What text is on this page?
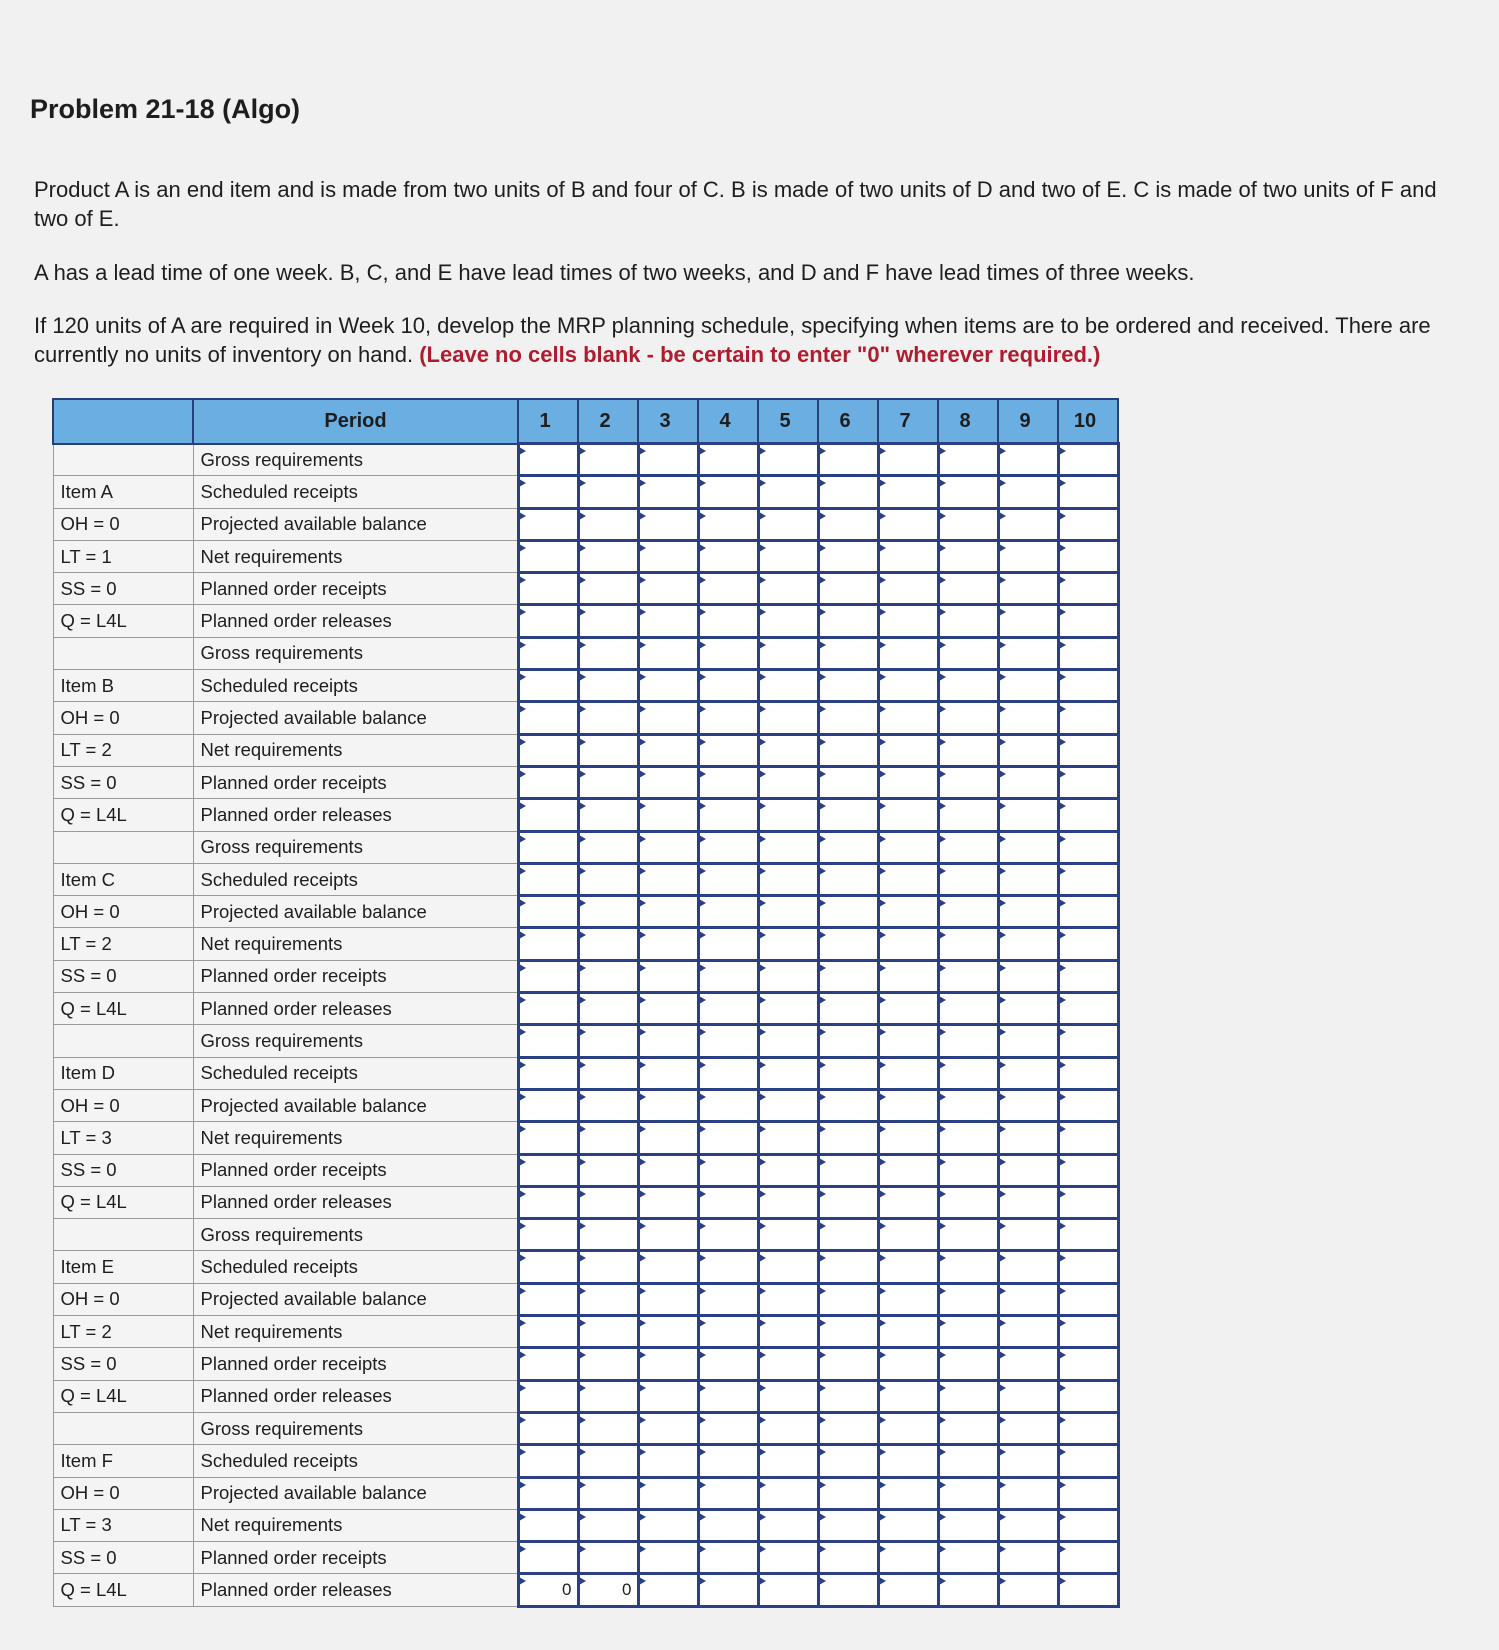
Problem 21-18 (Algo)

Product A is an end item and is made from two units of B and four of C. B is made of two units of D and two of E. C is made of two units of F and two of E.

A has a lead time of one week. B, C, and E have lead times of two weeks, and D and F have lead times of three weeks.

If 120 units of A are required in Week 10, develop the MRP planning schedule, specifying when items are to be ordered and received. There are currently no units of inventory on hand. (Leave no cells blank - be certain to enter "0" wherever required.)

	Period	1	2	3	4	5	6	7	8	9	10
	Gross requirements										
Item A	Scheduled receipts										
OH = 0	Projected available balance										
LT = 1	Net requirements										
SS = 0	Planned order receipts										
Q = L4L	Planned order releases										
	Gross requirements										
Item B	Scheduled receipts										
OH = 0	Projected available balance										
LT = 2	Net requirements										
SS = 0	Planned order receipts										
Q = L4L	Planned order releases										
	Gross requirements										
Item C	Scheduled receipts										
OH = 0	Projected available balance										
LT = 2	Net requirements										
SS = 0	Planned order receipts										
Q = L4L	Planned order releases										
	Gross requirements										
Item D	Scheduled receipts										
OH = 0	Projected available balance										
LT = 3	Net requirements										
SS = 0	Planned order receipts										
Q = L4L	Planned order releases										
	Gross requirements										
Item E	Scheduled receipts										
OH = 0	Projected available balance										
LT = 2	Net requirements										
SS = 0	Planned order receipts										
Q = L4L	Planned order releases										
	Gross requirements										
Item F	Scheduled receipts										
OH = 0	Projected available balance										
LT = 3	Net requirements										
SS = 0	Planned order receipts										
Q = L4L	Planned order releases	0	0								
